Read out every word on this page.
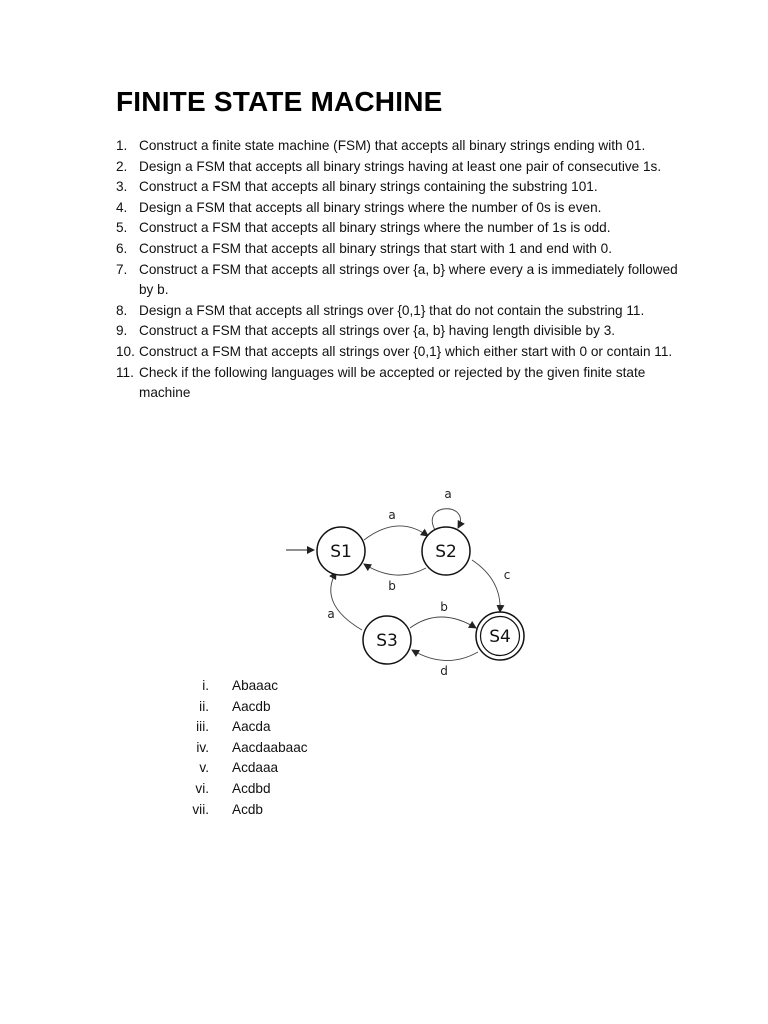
FINITE STATE MACHINE
1. Construct a finite state machine (FSM) that accepts all binary strings ending with 01.
2. Design a FSM that accepts all binary strings having at least one pair of consecutive 1s.
3. Construct a FSM that accepts all binary strings containing the substring 101.
4. Design a FSM that accepts all binary strings where the number of 0s is even.
5. Construct a FSM that accepts all binary strings where the number of 1s is odd.
6. Construct a FSM that accepts all binary strings that start with 1 and end with 0.
7. Construct a FSM that accepts all strings over {a, b} where every a is immediately followed by b.
8. Design a FSM that accepts all strings over {0,1} that do not contain the substring 11.
9. Construct a FSM that accepts all strings over {a, b} having length divisible by 3.
10. Construct a FSM that accepts all strings over {0,1} which either start with 0 or contain 11.
11. Check if the following languages will be accepted or rejected by the given finite state machine
a
a
b
c
a	b
d
S1	S2
S3	S4
i. Abaaac
ii. Aacdb
iii. Aacda
iv. Aacdaabaac
v. Acdaaa
vi. Acdbd
vii. Acdb
